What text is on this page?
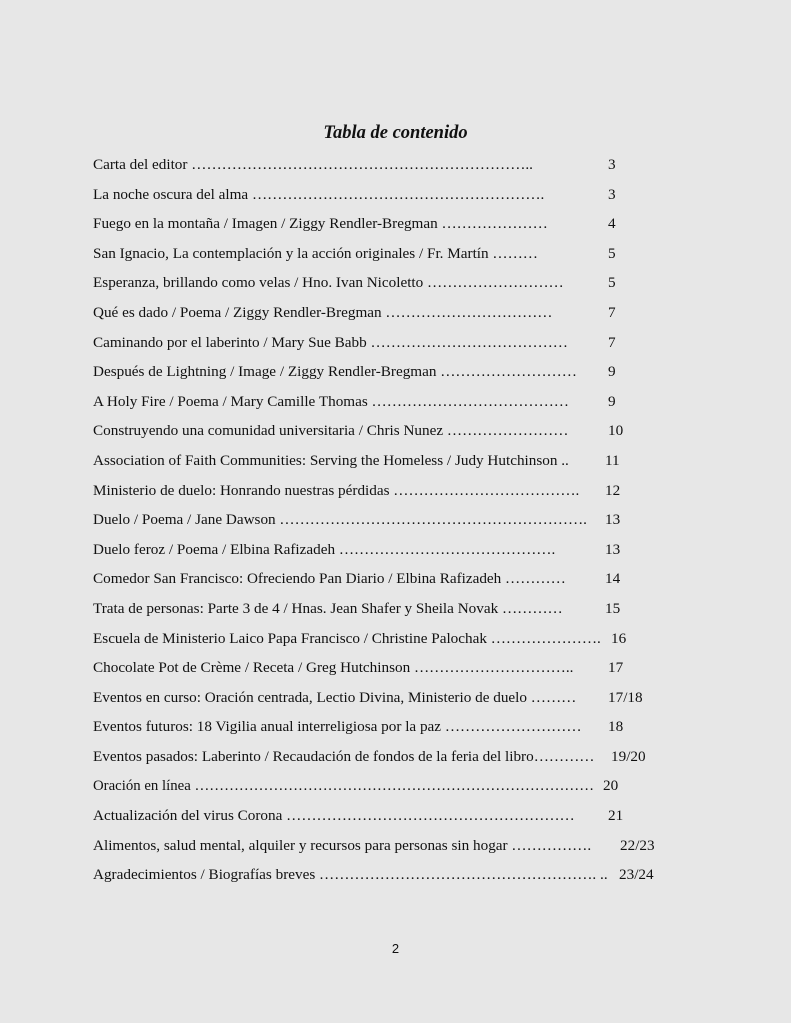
Tabla de contenido
Carta del editor …………………………………………………………..	3
La noche oscura del alma ………………………………………………….	3
Fuego en la montaña / Imagen / Ziggy Rendler-Bregman …………………	4
San Ignacio, La contemplación y la acción originales / Fr. Martín ………	5
Esperanza, brillando como velas / Hno. Ivan Nicoletto ………………………	5
Qué es dado / Poema / Ziggy Rendler-Bregman ……………………………	7
Caminando por el laberinto / Mary Sue Babb …………………………………	7
Después de Lightning / Image / Ziggy Rendler-Bregman ……………………… 9
A Holy Fire / Poema / Mary Camille Thomas …………………………………	9
Construyendo una comunidad universitaria / Chris Nunez ……………………	10
Association of Faith Communities: Serving the Homeless / Judy Hutchinson .. 11
Ministerio de duelo: Honrando nuestras pérdidas ………………………………. 12
Duelo / Poema / Jane Dawson ……………………………………………………. 13
Duelo feroz / Poema / Elbina Rafizadeh …………………………………….	13
Comedor San Francisco: Ofreciendo Pan Diario / Elbina Rafizadeh …………	14
Trata de personas: Parte 3 de 4 / Hnas. Jean Shafer y Sheila Novak …………	15
Escuela de Ministerio Laico Papa Francisco / Christine Palochak …………………. 16
Chocolate Pot de Crème / Receta / Greg Hutchinson ………………………….. 17
Eventos en curso: Oración centrada, Lectio Divina, Ministerio de duelo ……… 17/18
Eventos futuros: 18 Vigilia anual interreligiosa por la paz ……………………… 18
Eventos pasados: Laberinto / Recaudación de fondos de la feria del libro………… 19/20
Oración en línea ……………………………………………………………………… 20
Actualización del virus Corona ………………………………………………… 21
Alimentos, salud mental, alquiler y recursos para personas sin hogar ……………. 22/23
Agradecimientos / Biografías breves ………………………………………………. .. 23/24
2
